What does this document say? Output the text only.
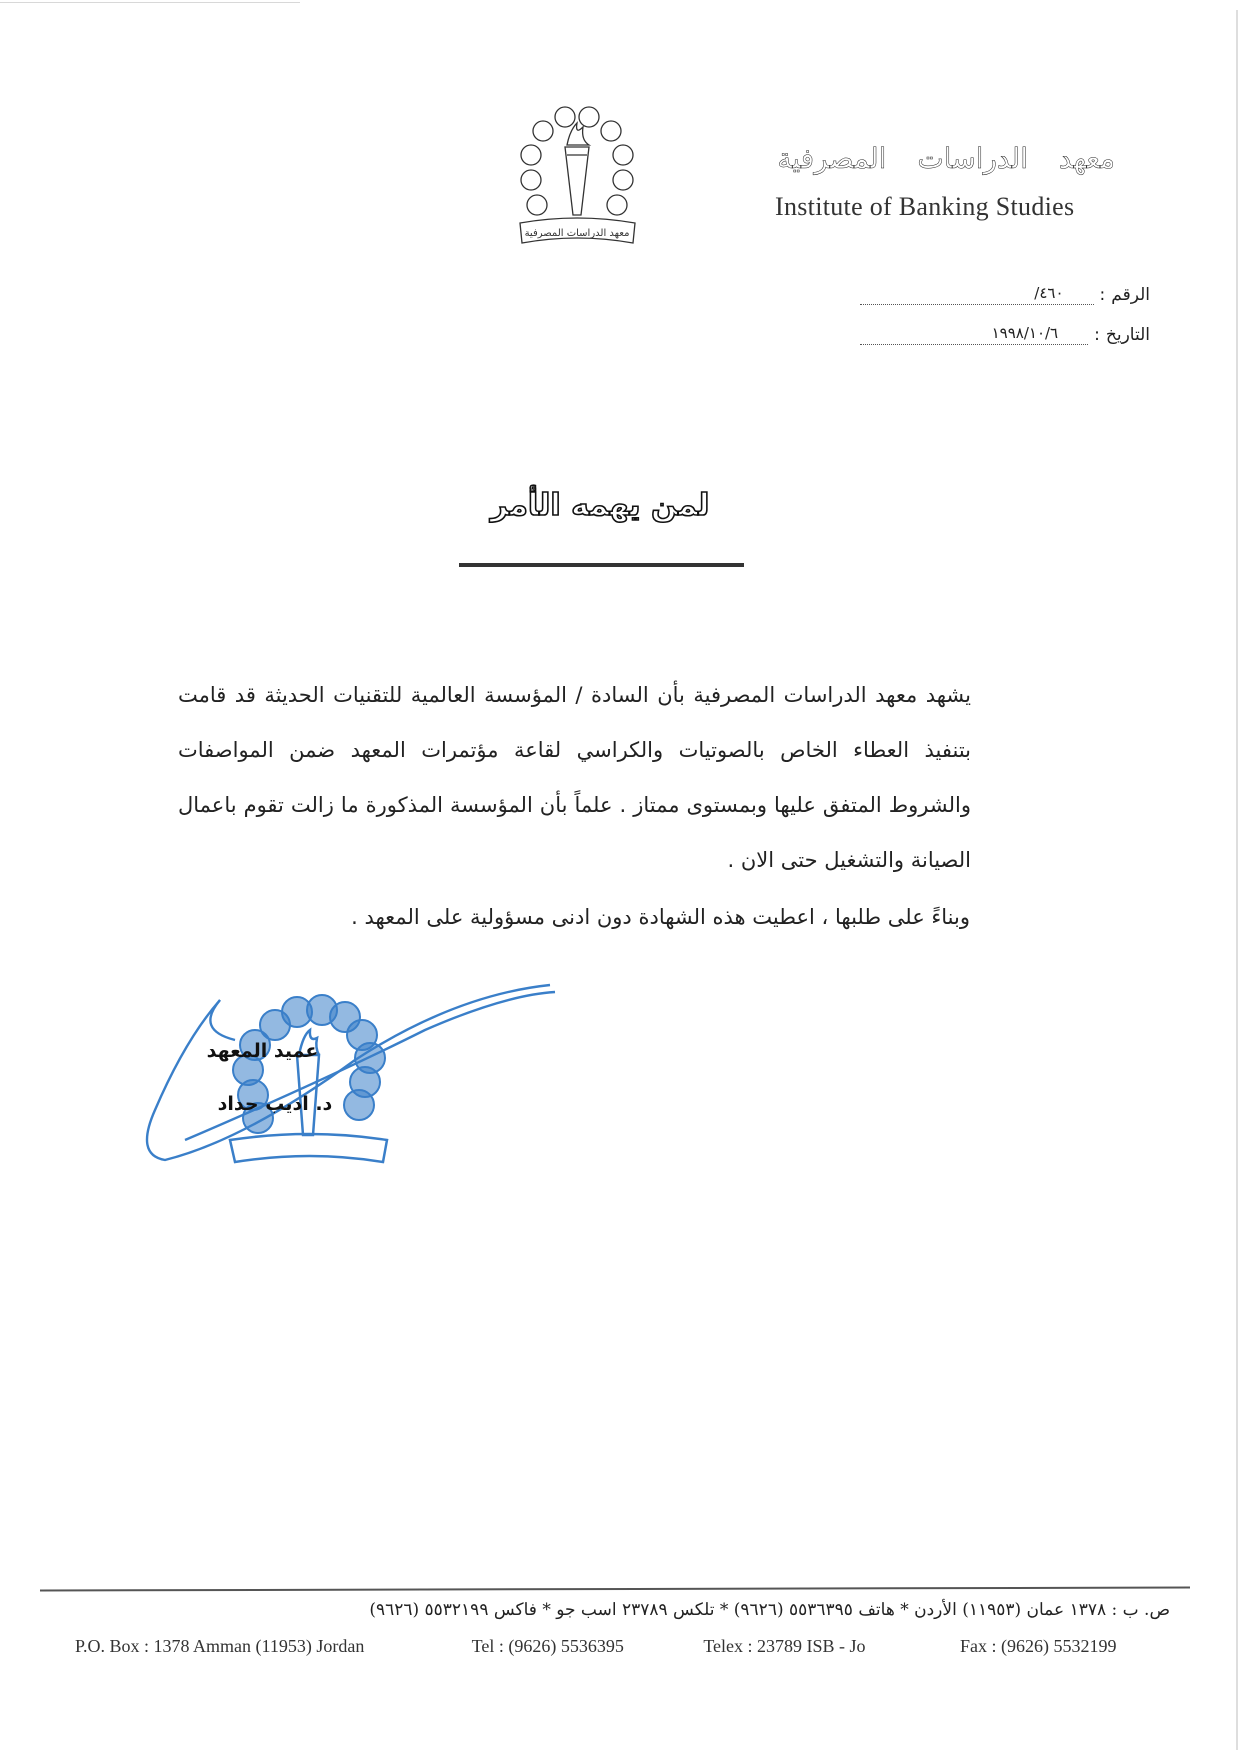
معهد الدراسات المصرفية
معهد الدراسات المصرفية
Institute of Banking Studies
الرقم
:
٤٦٠/
التاريخ
:
١٩٩٨/١٠/٦
لمن يهمه الأمر
يشهد معهد الدراسات المصرفية بأن السادة / المؤسسة العالمية للتقنيات الحديثة قد قامت بتنفيذ العطاء الخاص بالصوتيات والكراسي لقاعة مؤتمرات المعهد ضمن المواصفات والشروط المتفق عليها وبمستوى ممتاز . علماً بأن المؤسسة المذكورة ما زالت تقوم باعمال الصيانة والتشغيل حتى الان .
وبناءً على طلبها ، اعطيت هذه الشهادة دون ادنى مسؤولية على المعهد .
عميد المعهد
د. اديب حداد
ص. ب : ١٣٧٨ عمان (١١٩٥٣) الأردن * هاتف ٥٥٣٦٣٩٥ (٩٦٢٦) * تلكس ٢٣٧٨٩ اسب جو * فاكس ٥٥٣٢١٩٩ (٩٦٢٦)
P.O. Box : 1378 Amman (11953) Jordan	Tel : (9626) 5536395	Telex : 23789 ISB - Jo	Fax : (9626) 5532199
